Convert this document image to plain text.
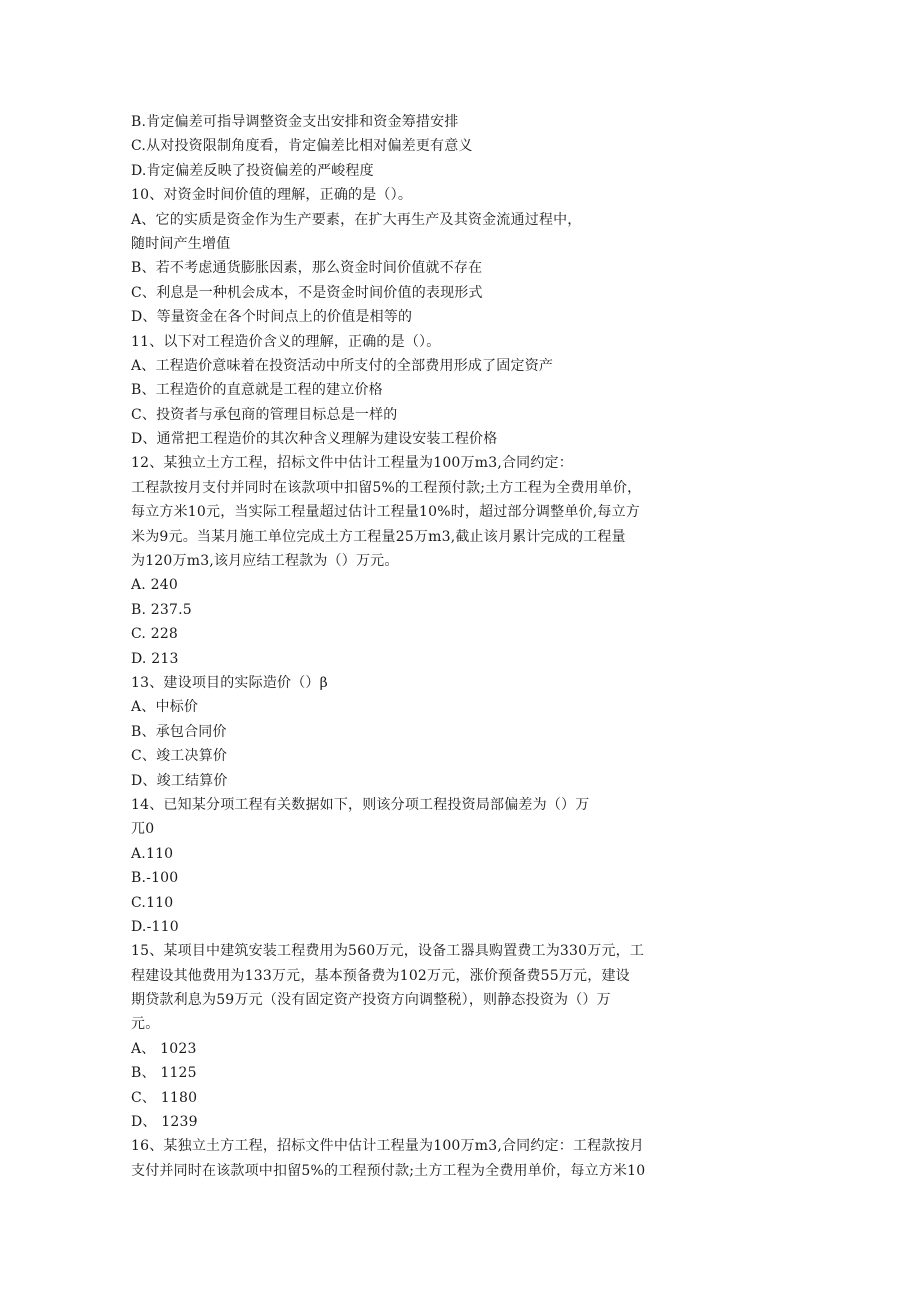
B.肯定偏差可指导调整资金支出安排和资金筹措安排
C.从对投资限制角度看，肯定偏差比相对偏差更有意义
D.肯定偏差反映了投资偏差的严峻程度
10、对资金时间价值的理解，正确的是（）。
A、它的实质是资金作为生产要素，在扩大再生产及其资金流通过程中，
随时间产生增值
B、若不考虑通货膨胀因素，那么资金时间价值就不存在
C、利息是一种机会成本，不是资金时间价值的表现形式
D、等量资金在各个时间点上的价值是相等的
11、以下对工程造价含义的理解，正确的是（）。
A、工程造价意味着在投资活动中所支付的全部费用形成了固定资产
B、工程造价的直意就是工程的建立价格
C、投资者与承包商的管理目标总是一样的
D、通常把工程造价的其次种含义理解为建设安装工程价格
12、某独立土方工程，招标文件中估计工程量为100万m3,合同约定：
工程款按月支付并同时在该款项中扣留5%的工程预付款;土方工程为全费用单价，
每立方米10元，当实际工程量超过估计工程量10%时，超过部分调整单价,每立方
米为9元。当某月施工单位完成土方工程量25万m3,截止该月累计完成的工程量
为120万m3,该月应结工程款为（）万元。
A. 240
B. 237.5
C. 228
D. 213
13、建设项目的实际造价（）β
A、中标价
B、承包合同价
C、竣工决算价
D、竣工结算价
14、已知某分项工程有关数据如下，则该分项工程投资局部偏差为（）万
兀0
A.110
B.-100
C.110
D.-110
15、某项目中建筑安装工程费用为560万元，设备工器具购置费工为330万元，工
程建设其他费用为133万元，基本预备费为102万元，涨价预备费55万元，建设
期贷款利息为59万元（没有固定资产投资方向调整税），则静态投资为（）万
元。
A、 1023
B、 1125
C、 1180
D、 1239
16、某独立土方工程，招标文件中估计工程量为100万m3,合同约定：工程款按月
支付并同时在该款项中扣留5%的工程预付款;土方工程为全费用单价，每立方米10
